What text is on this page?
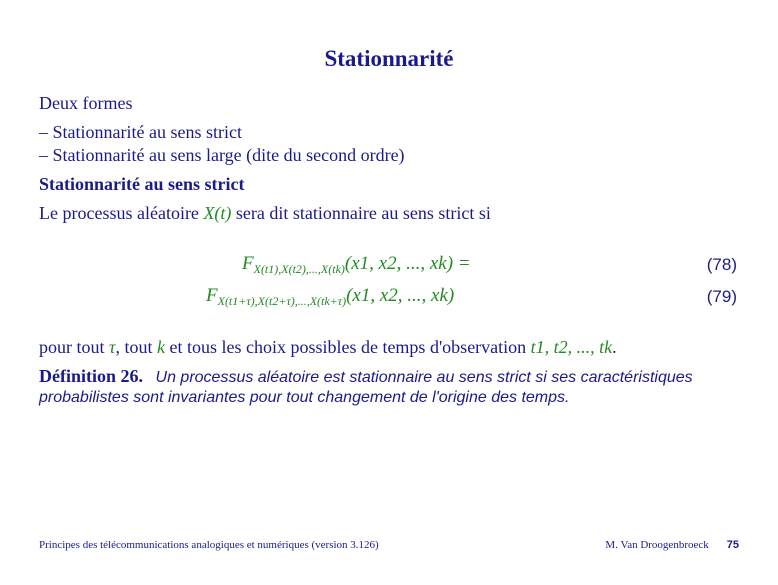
Stationnarité
Deux formes
– Stationnarité au sens strict
– Stationnarité au sens large (dite du second ordre)
Stationnarité au sens strict
Le processus aléatoire X(t) sera dit stationnaire au sens strict si
$F_{X(t1),X(t2),...,X(tk)}(x1$, x2, ..., xk) =	(78)
$F_{X(t1+\tau),X(t2+\tau),...,X(tk+\tau)}(x1$, x2, ..., xk)	(79)
pour tout τ, tout k et tous les choix possibles de temps d'observation t1, t2, ..., tk.
Définition 26. Un processus aléatoire est stationnaire au sens strict si ses caractéristiques
probabilistes sont invariantes pour tout changement de l'origine des temps.
Principes des télécommunications analogiques et numériques (version 3.126)	M. Van Droogenbroeck 75
